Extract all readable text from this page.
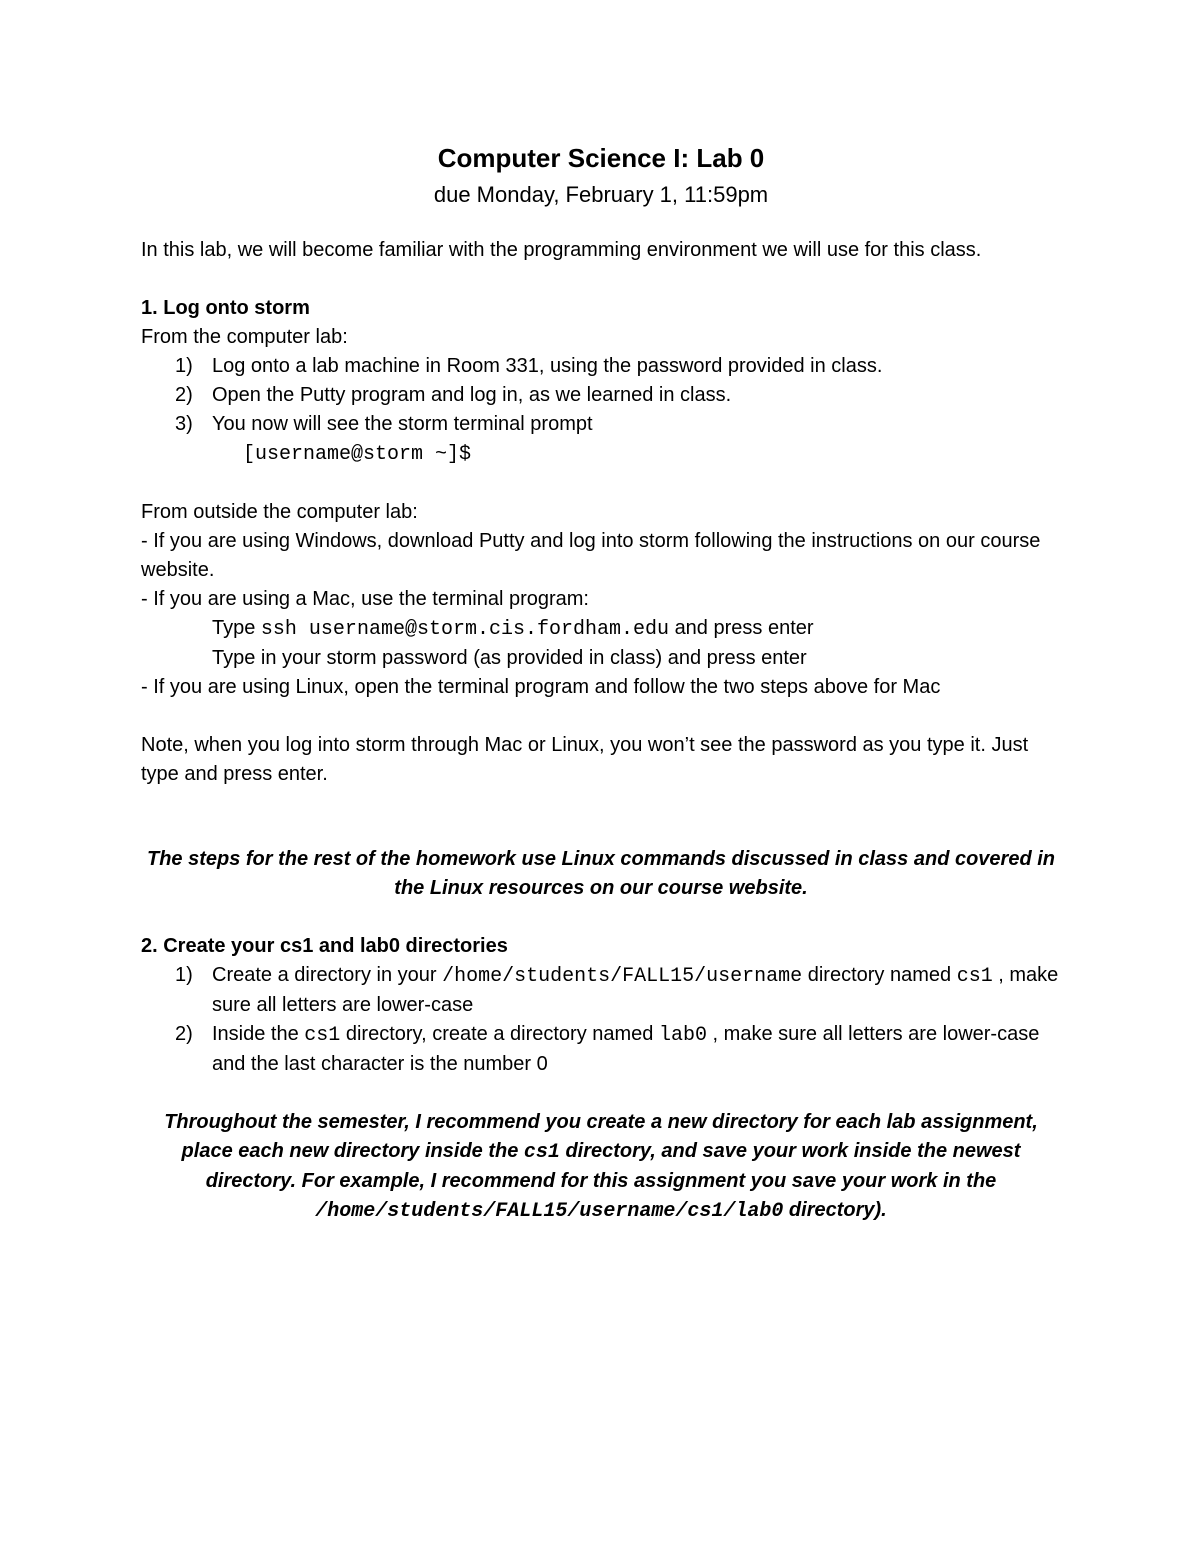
Computer Science I: Lab 0

due Monday, February 1, 11:59pm

In this lab, we will become familiar with the programming environment we will use for this class.

1. Log onto storm

From the computer lab:

1) Log onto a lab machine in Room 331, using the password provided in class.
2) Open the Putty program and log in, as we learned in class.
3) You now will see the storm terminal prompt

[username@storm ~]$

From outside the computer lab:

- If you are using Windows, download Putty and log into storm following the instructions on our course website.

- If you are using a Mac, use the terminal program:

Type ssh username@storm.cis.fordham.edu and press enter

Type in your storm password (as provided in class) and press enter

- If you are using Linux, open the terminal program and follow the two steps above for Mac

Note, when you log into storm through Mac or Linux, you won’t see the password as you type it. Just type and press enter.

The steps for the rest of the homework use Linux commands discussed in class and covered in the Linux resources on our course website.

2. Create your cs1 and lab0 directories

1) Create a directory in your /home/students/FALL15/username directory named cs1 , make sure all letters are lower-case
2) Inside the cs1 directory, create a directory named lab0 , make sure all letters are lower-case and the last character is the number 0

Throughout the semester, I recommend you create a new directory for each lab assignment, place each new directory inside the cs1 directory, and save your work inside the newest directory. For example, I recommend for this assignment you save your work in the /home/students/FALL15/username/cs1/lab0 directory).
